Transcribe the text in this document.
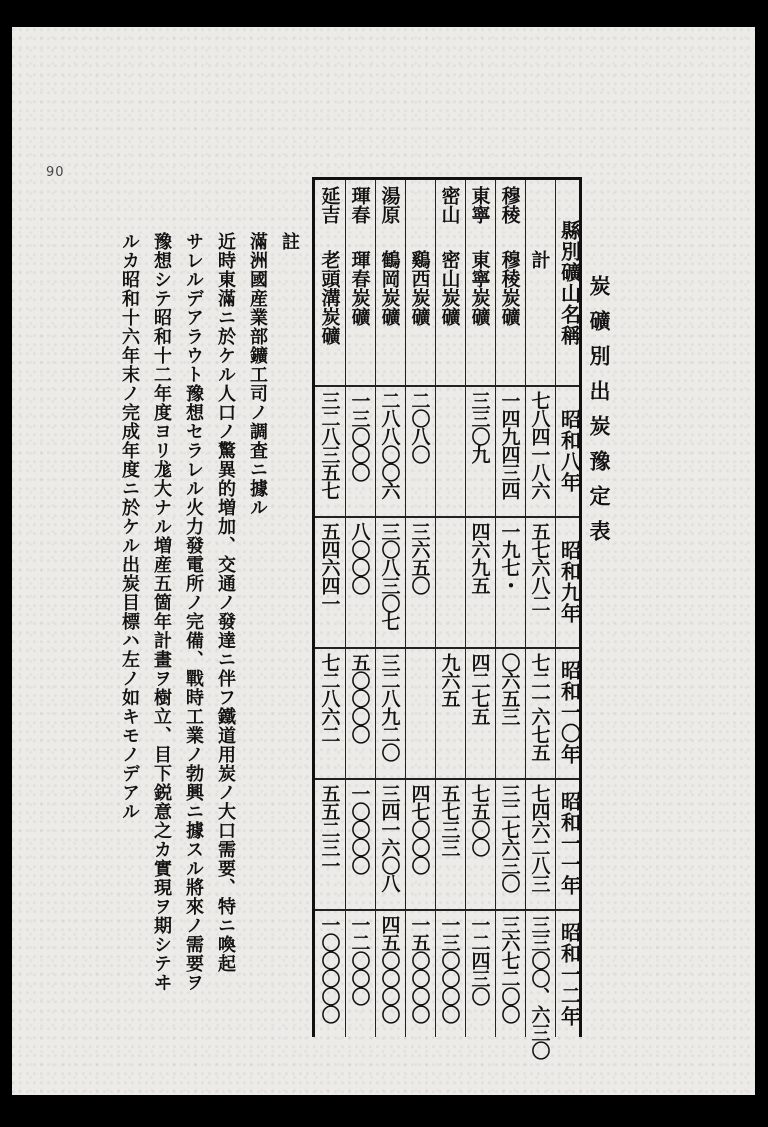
90
炭礦別出炭豫定表
縣別礦山名稱
昭和八年
昭和九年
昭和一〇年
昭和一一年
昭和一二年
計
七八四一八六
五七六八二
七二一六七五
七四六二八三
三三〇〇、六三〇
穆稜
穆稜炭礦
一四九四三四
一九七・
〇六五三
三二七六三〇
三六七二〇〇
東寧
東寧炭礦
三三〇九
四六九五
四二七五
七五〇〇
一二四三〇
密山
密山炭礦
九六五
五七三三
一三〇〇〇〇
鷄西炭礦
二〇八〇
三六五〇
四七〇〇〇
一五〇〇〇〇
湯原
鶴岡炭礦
二八八〇〇六
三〇八三〇七
三二八九二〇
三四一六〇八
四五〇〇〇〇
琿春
琿春炭礦
一三〇〇〇
八〇〇〇
五〇〇〇〇
一〇〇〇〇
一二〇〇〇
延吉
老頭溝炭礦
三二八三五七
五四六四一
七二八六二
五五二三一
一〇〇〇〇〇
註
滿洲國産業部鑛工司ノ調査ニ據ル
近時東滿ニ於ケル人口ノ驚異的増加、交通ノ發達ニ伴フ鐵道用炭ノ大口需要、特ニ喚起
サレルデアラウト豫想セラレル火力發電所ノ完備、戰時工業ノ勃興ニ據スル將來ノ需要ヲ
豫想シテ昭和十二年度ヨリ尨大ナル増産五箇年計畫ヲ樹立、目下鋭意之カ實現ヲ期シテヰ
ルカ昭和十六年末ノ完成年度ニ於ケル出炭目標ハ左ノ如キモノデアル
